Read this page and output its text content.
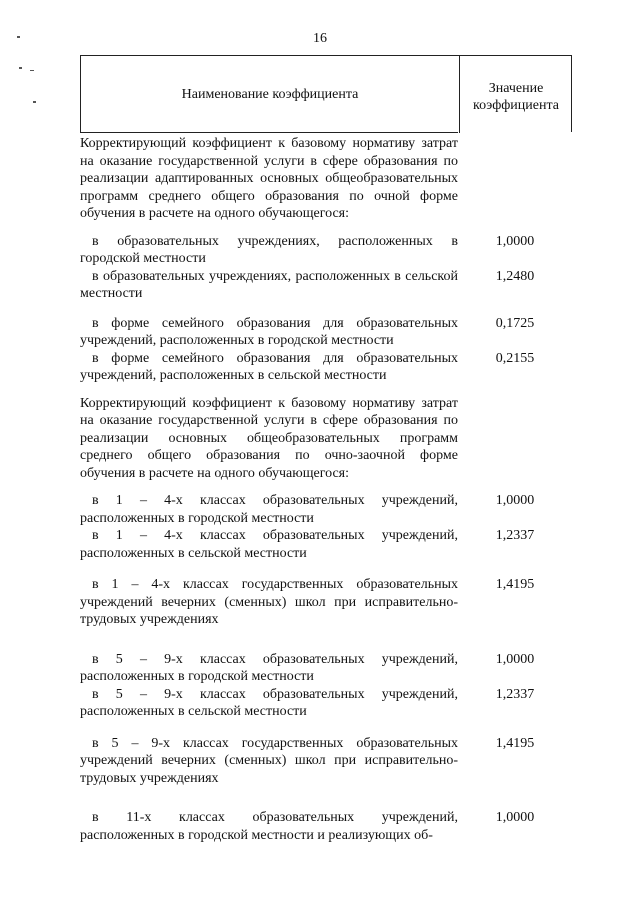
16
Наименование коэффициента	Значение
коэффициента
Корректирующий коэффициент к базовому нормативу затрат на оказание государственной услуги в сфере образования по реализации адаптированных основных общеобразовательных программ среднего общего образования по очной форме обучения в расчете на одного обучающегося:
в образовательных учреждениях, расположенных в городской местности
1,0000
в образовательных учреждениях, расположенных в сельской местности
1,2480
в форме семейного образования для образовательных учреждений, расположенных в городской местности
0,1725
в форме семейного образования для образовательных учреждений, расположенных в сельской местности
0,2155
Корректирующий коэффициент к базовому нормативу затрат на оказание государственной услуги в сфере образования по реализации основных общеобразовательных программ среднего общего образования по очно-заочной форме обучения в расчете на одного обучающегося:
в 1 – 4-х классах образовательных учреждений, расположенных в городской местности
1,0000
в 1 – 4-х классах образовательных учреждений, расположенных в сельской местности
1,2337
в 1 – 4-х классах государственных образовательных учреждений вечерних (сменных) школ при исправительно-трудовых учреждениях
1,4195
в 5 – 9-х классах образовательных учреждений, расположенных в городской местности
1,0000
в 5 – 9-х классах образовательных учреждений, расположенных в сельской местности
1,2337
в 5 – 9-х классах государственных образовательных учреждений вечерних (сменных) школ при исправительно-трудовых учреждениях
1,4195
в 11-х классах образовательных учреждений, расположенных в городской местности и реализующих об-
1,0000
